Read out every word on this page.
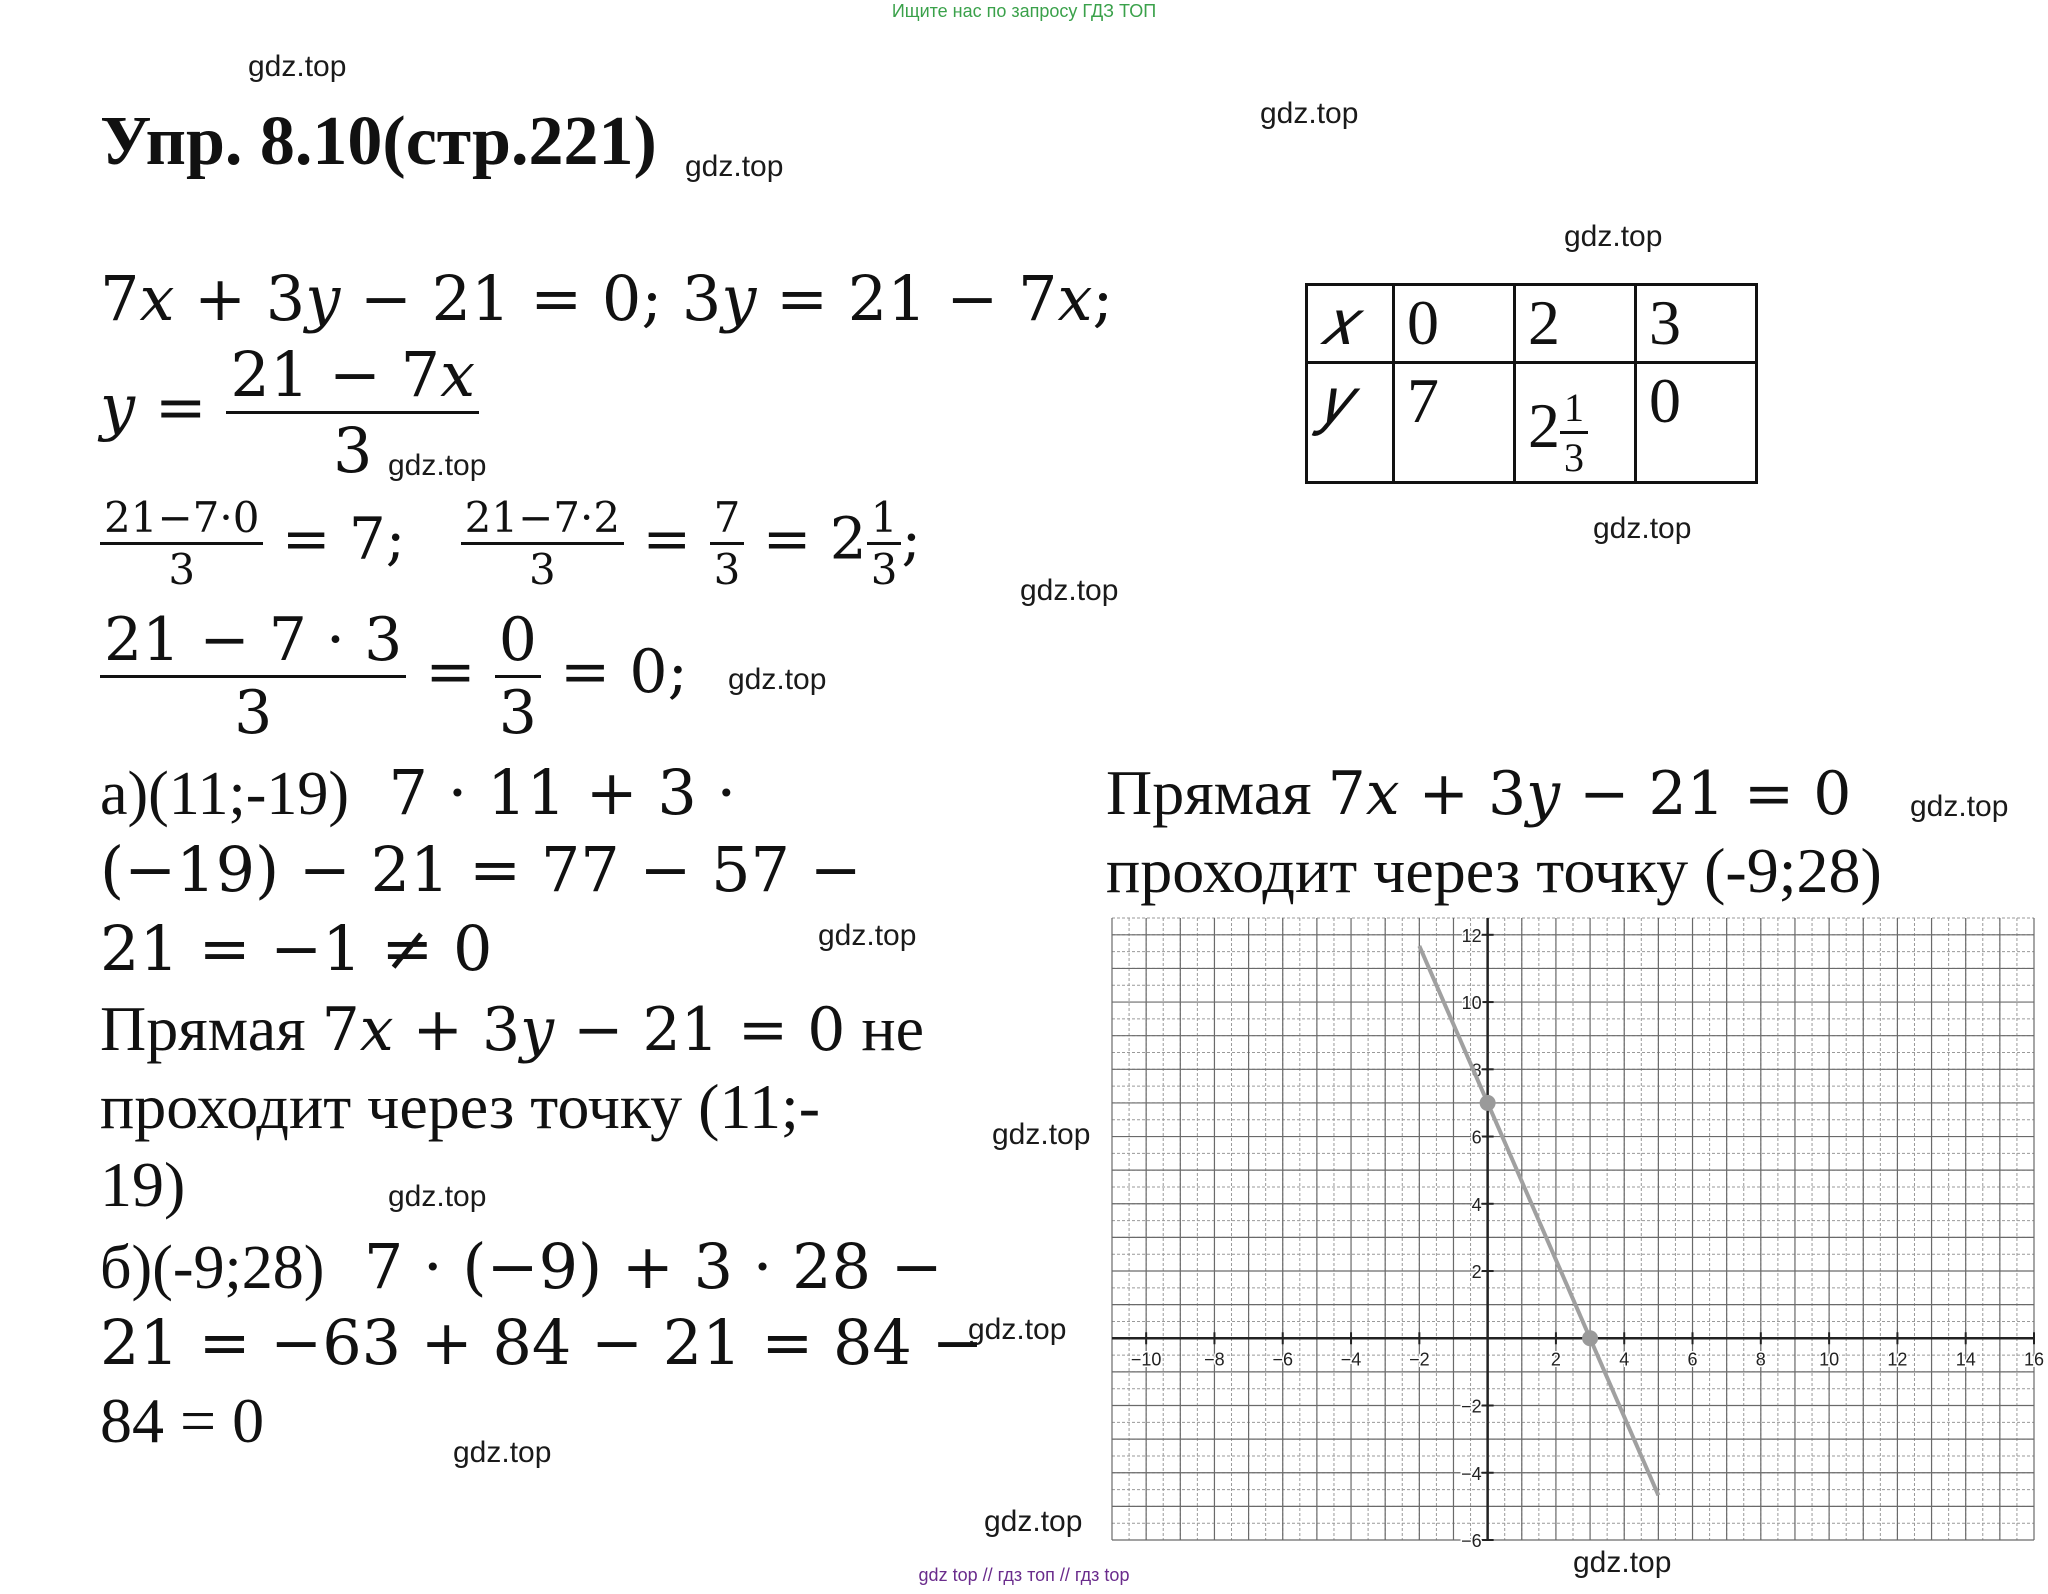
Ищите нас по запросу ГДЗ ТОП
gdz.top
gdz.top
gdz.top
gdz.top
gdz.top
gdz.top
gdz.top
gdz.top
gdz.top
gdz.top
gdz.top
gdz.top
gdz.top
gdz.top
gdz.top
gdz.top
Упр. 8.10(стр.221)
7𝑥 + 3𝑦 − 21 = 0; 3𝑦 = 21 − 7𝑥;
𝑦 = $\frac{\text{21 − 7𝑥}}{3}$
$\frac{21-7\cdot 0}{3} = 7$; $\frac{21-7\cdot 2}{3} = \frac{7}{3} = 2 \frac{1}{3}$ ;
$\frac{21 - 7 \cdot 3}{3} = \frac{0}{3} = 0$;
а)(11;-19) 7 · 11 + 3 ·
(−19) − 21 = 77 − 57 −
21 = −1 ≠ 0
Прямая 7𝑥 + 3𝑦 − 21 = 0 не
проходит через точку (11;-
19)
б)(-9;28) 7 · (−9) + 3 · 28 −
21 = −63 + 84 − 21 = 84 −
84 = 0
Прямая 7𝑥 + 3𝑦 − 21 = 0
проходит через точку (-9;28)
𝑥	0	2	3
𝑦	7	$2 \frac{1}{3}$	0
−10 −8	−6	−4	−2	2	4	6	8	10	12	14	16
−6
−4
−2
2
4
6
8
10
12
gdz top // гдз топ // гдз top
